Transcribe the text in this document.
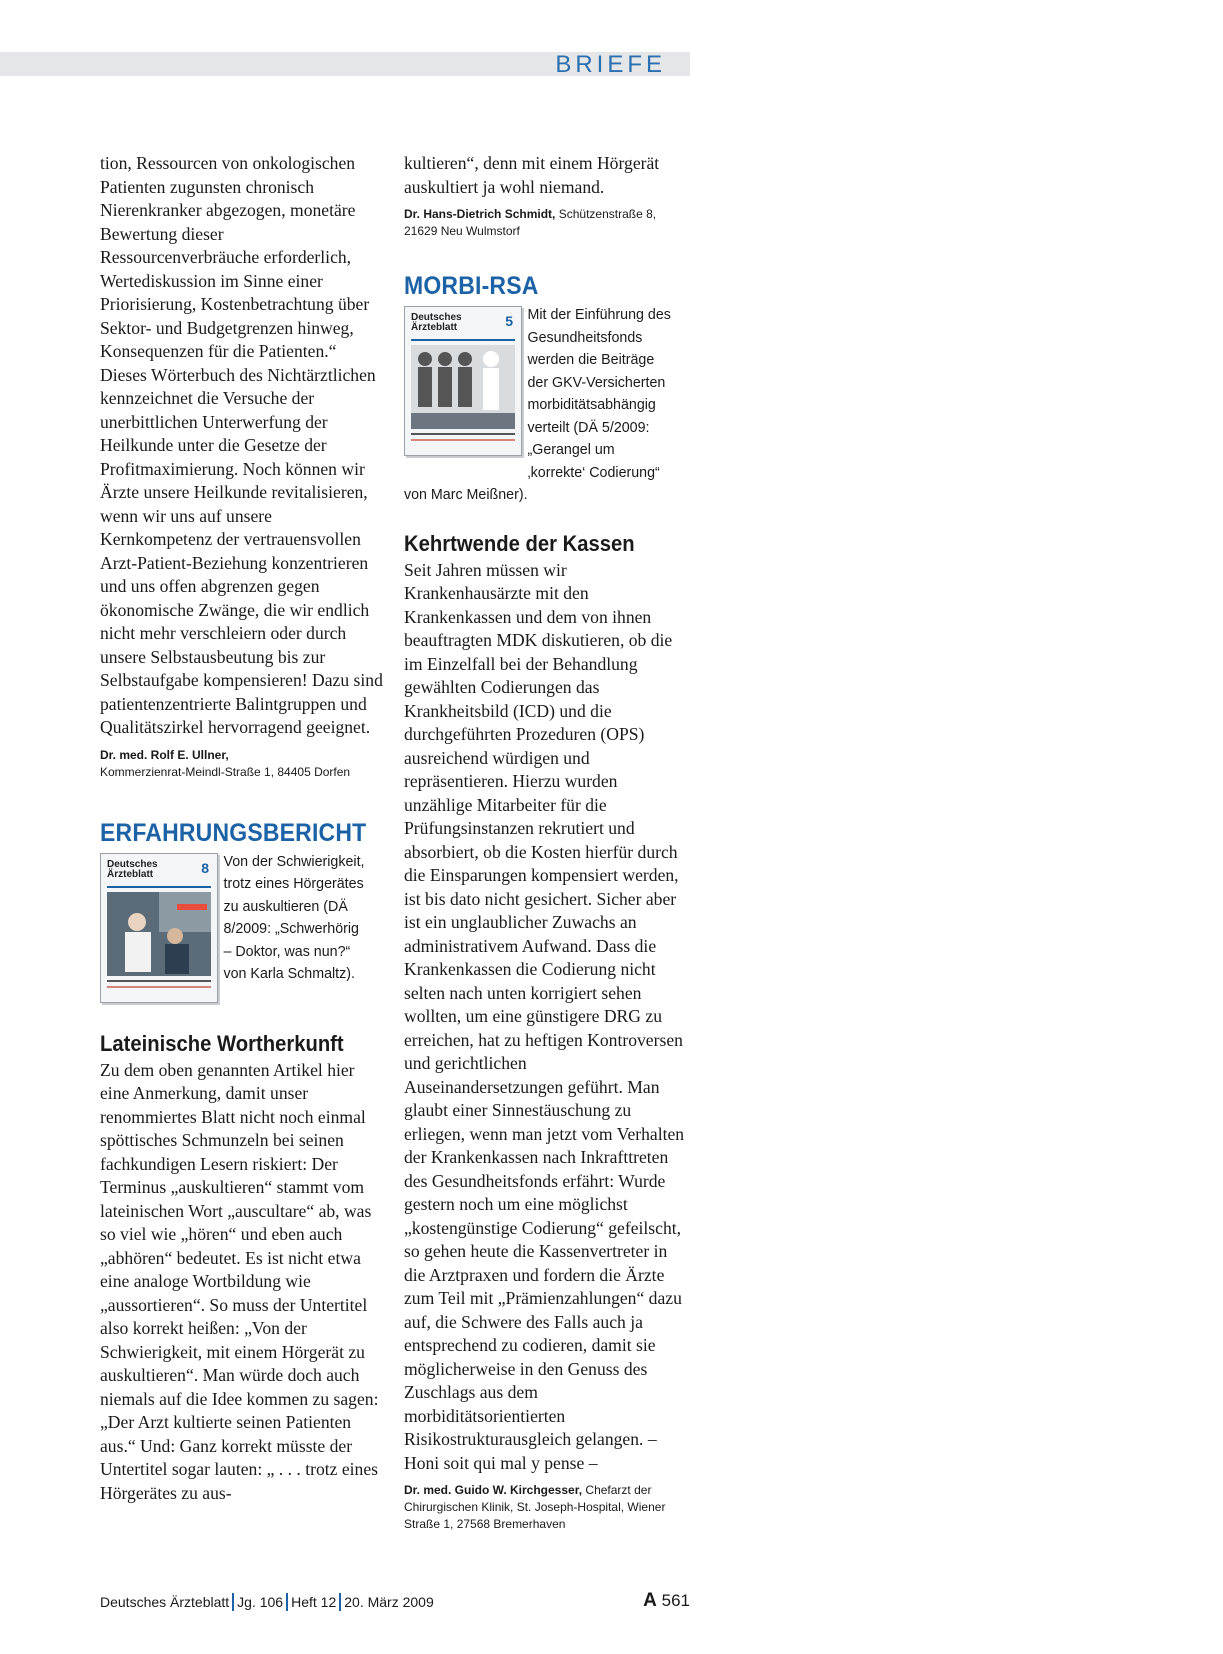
BRIEFE

tion, Ressourcen von onkologischen Patienten zugunsten chronisch Nierenkranker abgezogen, monetäre Bewertung dieser Ressourcenverbräuche erforderlich, Wertediskussion im Sinne einer Priorisierung, Kostenbetrachtung über Sektor- und Budgetgrenzen hinweg, Konsequenzen für die Patienten.“ Dieses Wörterbuch des Nichtärztlichen kennzeichnet die Versuche der unerbittlichen Unterwerfung der Heilkunde unter die Gesetze der Profitmaximierung. Noch können wir Ärzte unsere Heilkunde revitalisieren, wenn wir uns auf unsere Kernkompetenz der vertrauensvollen Arzt-Patient-Beziehung konzentrieren und uns offen abgrenzen gegen ökonomische Zwänge, die wir endlich nicht mehr verschleiern oder durch unsere Selbstausbeutung bis zur Selbstaufgabe kompensieren! Dazu sind patientenzentrierte Balintgruppen und Qualitätszirkel hervorragend geeignet.

Dr. med. Rolf E. Ullner,
Kommerzienrat-Meindl-Straße 1, 84405 Dorfen

ERFAHRUNGSBERICHT
Deutsches Ärzteblatt	8 Von der Schwierigkeit, trotz eines Hörgerätes zu auskultieren (DÄ 8/2009: „Schwerhörig – Doktor, was nun?“ von Karla Schmaltz).

Lateinische Wortherkunft

Zu dem oben genannten Artikel hier eine Anmerkung, damit unser renommiertes Blatt nicht noch einmal spöttisches Schmunzeln bei seinen fachkundigen Lesern riskiert: Der Terminus „auskultieren“ stammt vom lateinischen Wort „auscultare“ ab, was so viel wie „hören“ und eben auch „abhören“ bedeutet. Es ist nicht etwa eine analoge Wortbildung wie „aussortieren“. So muss der Untertitel also korrekt heißen: „Von der Schwierigkeit, mit einem Hörgerät zu auskultieren“. Man würde doch auch niemals auf die Idee kommen zu sagen: „Der Arzt kultierte seinen Patienten aus.“ Und: Ganz korrekt müsste der Untertitel sogar lauten: „ . . . trotz eines Hörgerätes zu aus-

kultieren“, denn mit einem Hörgerät auskultiert ja wohl niemand.

Dr. Hans-Dietrich Schmidt, Schützenstraße 8, 21629 Neu Wulmstorf

MORBI-RSA
Deutsches Ärzteblatt	5 Mit der Einführung des Gesundheitsfonds werden die Beiträge der GKV-Versicherten morbiditätsabhängig verteilt (DÄ 5/2009: „Gerangel um ‚korrekte‘ Codierung“ von Marc Meißner).

Kehrtwende der Kassen

Seit Jahren müssen wir Krankenhausärzte mit den Krankenkassen und dem von ihnen beauftragten MDK diskutieren, ob die im Einzelfall bei der Behandlung gewählten Codierungen das Krankheitsbild (ICD) und die durchgeführten Prozeduren (OPS) ausreichend würdigen und repräsentieren. Hierzu wurden unzählige Mitarbeiter für die Prüfungsinstanzen rekrutiert und absorbiert, ob die Kosten hierfür durch die Einsparungen kompensiert werden, ist bis dato nicht gesichert. Sicher aber ist ein unglaublicher Zuwachs an administrativem Aufwand. Dass die Krankenkassen die Codierung nicht selten nach unten korrigiert sehen wollten, um eine günstigere DRG zu erreichen, hat zu heftigen Kontroversen und gerichtlichen Auseinandersetzungen geführt. Man glaubt einer Sinnestäuschung zu erliegen, wenn man jetzt vom Verhalten der Krankenkassen nach Inkrafttreten des Gesundheitsfonds erfährt: Wurde gestern noch um eine möglichst „kostengünstige Codierung“ gefeilscht, so gehen heute die Kassenvertreter in die Arztpraxen und fordern die Ärzte zum Teil mit „Prämienzahlungen“ dazu auf, die Schwere des Falls auch ja entsprechend zu codieren, damit sie möglicherweise in den Genuss des Zuschlags aus dem morbiditätsorientierten Risikostrukturausgleich gelangen. – Honi soit qui mal y pense –

Dr. med. Guido W. Kirchgesser, Chefarzt der Chirurgischen Klinik, St. Joseph-Hospital, Wiener Straße 1, 27568 Bremerhaven

Deutsches Ärzteblatt Jg. 106 Heft 12 20. März 2009	A 561
